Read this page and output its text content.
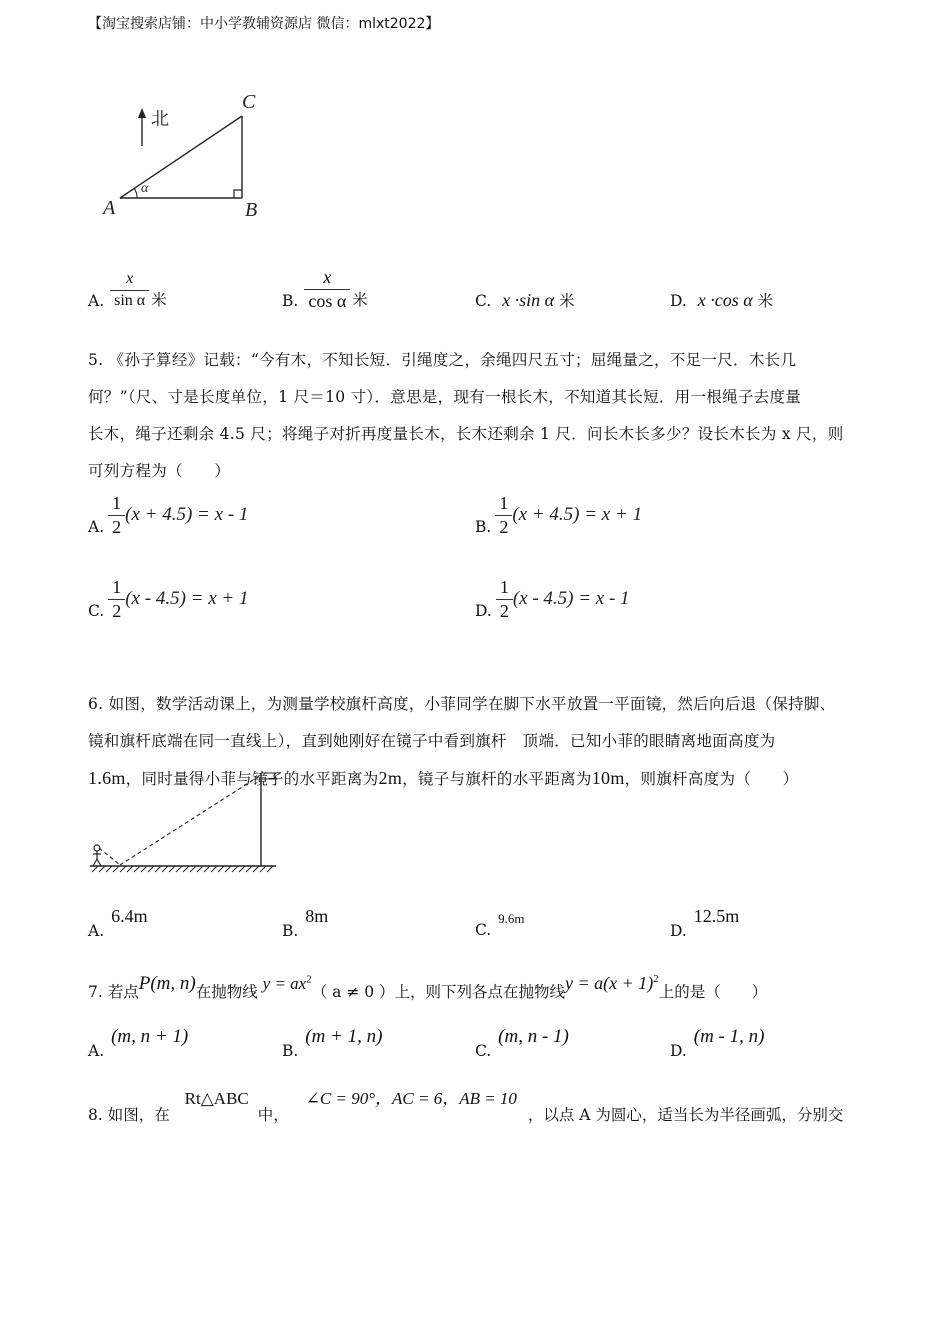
【淘宝搜索店铺：中小学教辅资源店 微信：mlxt2022】
北
α
A	B
C
A. $\frac{x}{\text{sin α}}$ 米	B. $\frac{x}{\text{cos α}}$ 米	C. x ·sin α 米	D. x ·cos α 米
5. 《孙子算经》记载：“今有木，不知长短．引绳度之，余绳四尺五寸；屈绳量之，不足一尺．木长几
何？”（尺、寸是长度单位，1 尺＝10 寸）．意思是，现有一根长木，不知道其长短．用一根绳子去度量
长木，绳子还剩余 4.5 尺；将绳子对折再度量长木，长木还剩余 1 尺．问长木长多少？设长木长为 x 尺，则
可列方程为（　　）
A. $\frac{1}{2} (x + 4.5) = x - 1$
B. $\frac{1}{2} (x + 4.5) = x + 1$
C. $\frac{1}{2} (x - 4.5) = x + 1$
D. $\frac{1}{2} (x - 4.5) = x - 1$
6. 如图，数学活动课上，为测量学校旗杆高度，小菲同学在脚下水平放置一平面镜，然后向后退（保持脚、
镜和旗杆底端在同一直线上），直到她刚好在镜子中看到旗杆　顶端．已知小菲的眼睛离地面高度为
1.6m，同时量得小菲与镜子的水平距离为2m，镜子与旗杆的水平距离为10m，则旗杆高度为（　　）
A. 6.4m
B. 8m
C. 9.6m
D. 12.5m
7. 若点P(m, n)在抛物线 $y = ax^2$（ a ≠ 0 ）上，则下列各点在抛物线$y = a(x + 1)^2$上的是（　　）
A. (m, n + 1)
B. (m + 1, n)
C. (m, n - 1)
D. (m - 1, n)
8. 如图，在 Rt△ABC 中， ∠C = 90°，AC = 6，AB = 10 ，以点 A 为圆心，适当长为半径画弧，分别交
